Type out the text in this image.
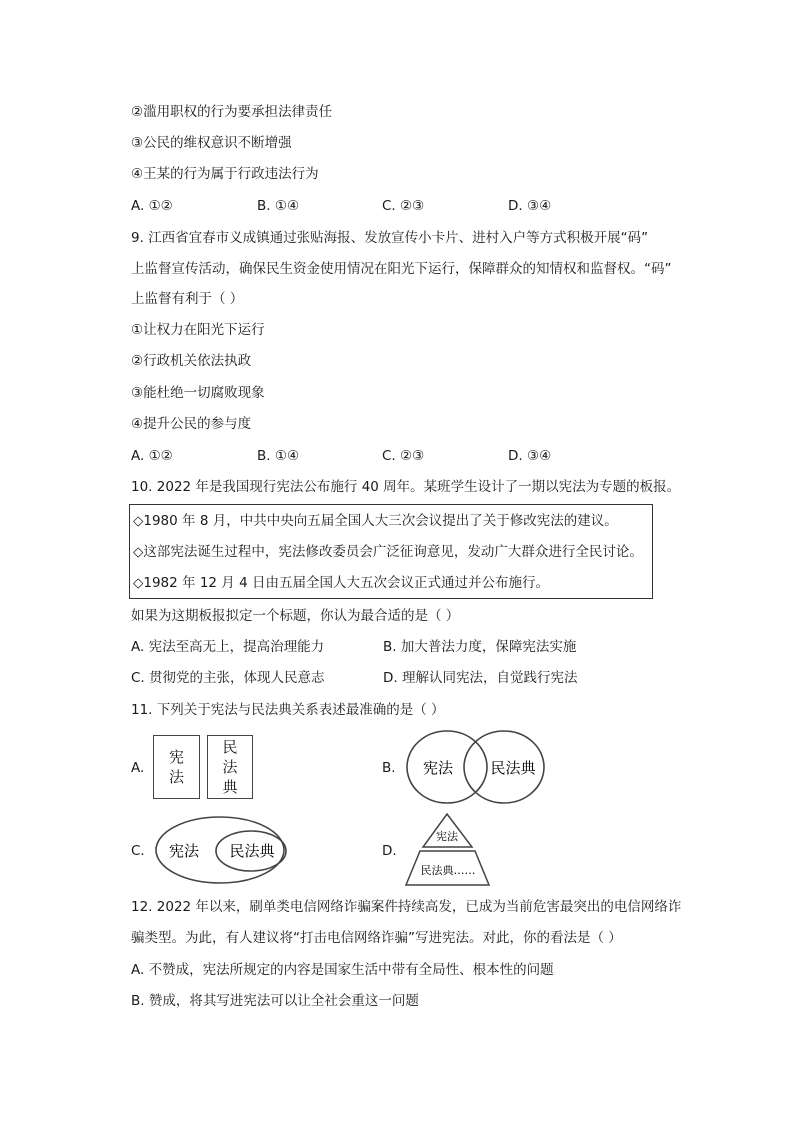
②滥用职权的行为要承担法律责任
③公民的维权意识不断增强
④王某的行为属于行政违法行为
A. ①②	B. ①④	C. ②③	D. ③④
9. 江西省宜春市义成镇通过张贴海报、发放宣传小卡片、进村入户等方式积极开展“码”
上监督宣传活动，确保民生资金使用情况在阳光下运行，保障群众的知情权和监督权。“码”
上监督有利于（ ）
①让权力在阳光下运行
②行政机关依法执政
③能杜绝一切腐败现象
④提升公民的参与度
A. ①②	B. ①④	C. ②③	D. ③④
10. 2022 年是我国现行宪法公布施行 40 周年。某班学生设计了一期以宪法为专题的板报。
◇1980 年 8 月，中共中央向五届全国人大三次会议提出了关于修改宪法的建议。
◇这部宪法诞生过程中，宪法修改委员会广泛征询意见，发动广大群众进行全民讨论。
◇1982 年 12 月 4 日由五届全国人大五次会议正式通过并公布施行。
如果为这期板报拟定一个标题，你认为最合适的是（ ）
A. 宪法至高无上，提高治理能力	B. 加大普法力度，保障宪法实施
C. 贯彻党的主张，体现人民意志	D. 理解认同宪法，自觉践行宪法
11. 下列关于宪法与民法典关系表述最准确的是（ ）
A.
宪
法
民
法
典
B. 宪法 民法典
C. 宪法 民法典	D.
宪法
民法典……
12. 2022 年以来，刷单类电信网络诈骗案件持续高发，已成为当前危害最突出的电信网络诈
骗类型。为此，有人建议将“打击电信网络诈骗”写进宪法。对此，你的看法是（ ）
A. 不赞成，宪法所规定的内容是国家生活中带有全局性、根本性的问题
B. 赞成，将其写进宪法可以让全社会重这一问题
